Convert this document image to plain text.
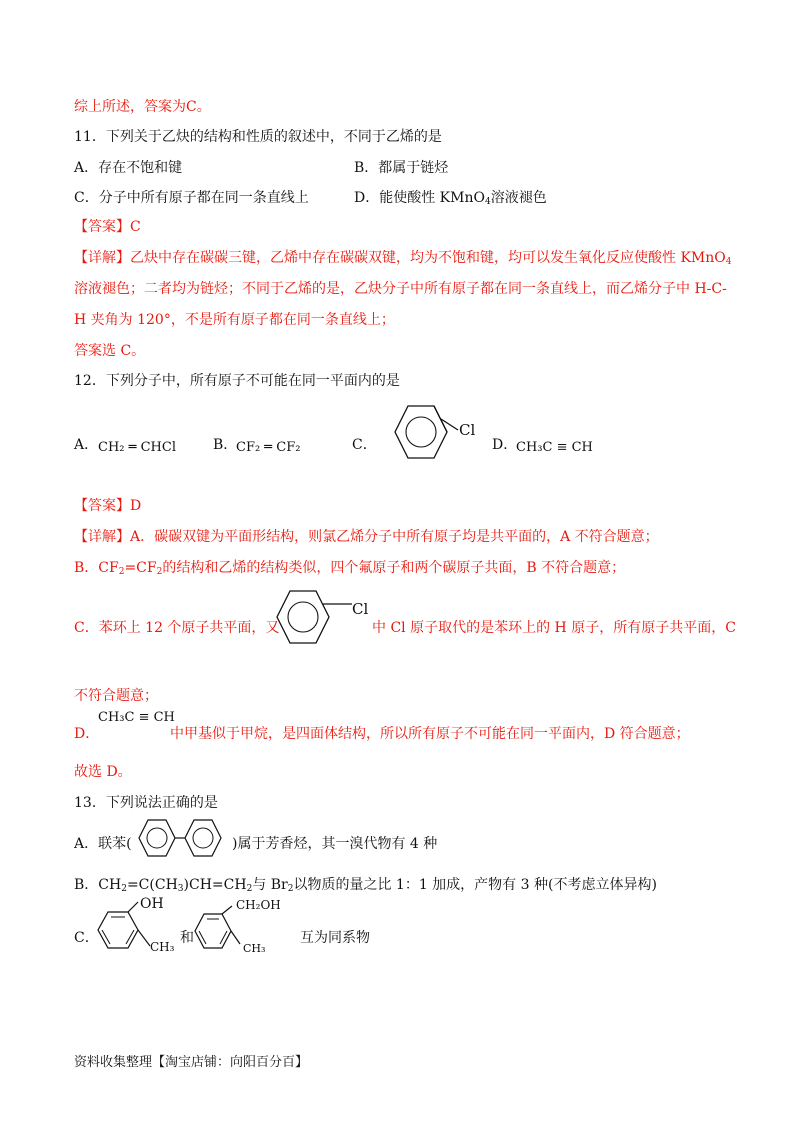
综上所述，答案为C。
11．下列关于乙炔的结构和性质的叙述中，不同于乙烯的是
A．存在不饱和键	B．都属于链烃
C．分子中所有原子都在同一条直线上	D．能使酸性 KMnO$_4$溶液褪色
【答案】C
【详解】乙炔中存在碳碳三键，乙烯中存在碳碳双键，均为不饱和键，均可以发生氧化反应使酸性 KMnO$_4$
溶液褪色；二者均为链烃；不同于乙烯的是，乙炔分子中所有原子都在同一条直线上，而乙烯分子中 H-C-
H 夹角为 120°，不是所有原子都在同一条直线上；
答案选 C。
12．下列分子中，所有原子不可能在同一平面内的是
A． CH₂ ═ CHCl	B．
CF₂ ═ CF₂	C．
Cl
D．
CH₃C ≡ CH
【答案】D
【详解】A．碳碳双键为平面形结构，则氯乙烯分子中所有原子均是共平面的，A 不符合题意；
B．$CF_2=CF_2$的结构和乙烯的结构类似，四个氟原子和两个碳原子共面，B 不符合题意；
C．苯环上 12 个原子共平面，又
Cl
中 Cl 原子取代的是苯环上的 H 原子，所有原子共平面，C
不符合题意；
D．
CH₃C ≡ CH
中甲基似于甲烷，是四面体结构，所以所有原子不可能在同一平面内，D 符合题意；
故选 D。
13．下列说法正确的是
A．联苯(	)属于芳香烃，其一溴代物有 4 种
B．$CH_2=C(CH_3)CH=CH_2$与 $Br_2$以物质的量之比 1：1 加成，产物有 3 种(不考虑立体异构)
C．
OH
CH₃
和
CH₂OH
CH₃
互为同系物
资料收集整理【淘宝店铺：向阳百分百】
